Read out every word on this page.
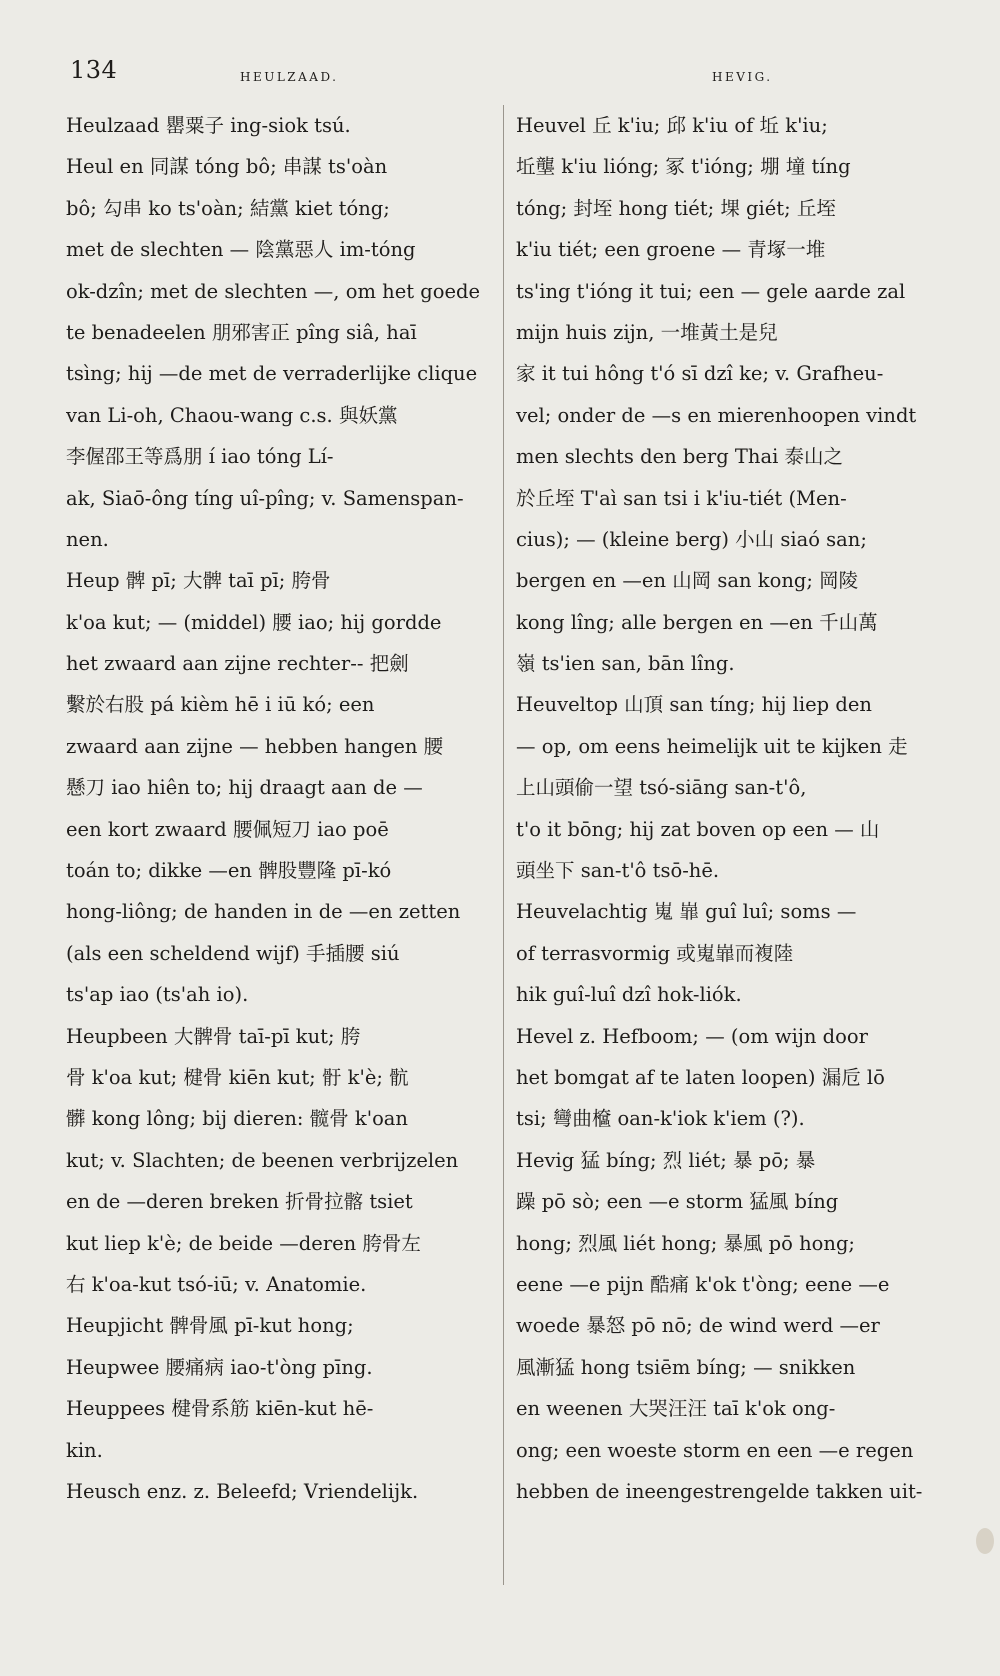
134	HEULZAAD.	HEVIG.
Heulzaad 罌粟子 ing-siok tsú.
Heul en 同謀 tóng bô; 串謀 ts'oàn
bô; 勾串 ko ts'oàn; 結黨 kiet tóng;
met de slechten — 陰黨惡人 im-tóng
ok-dzîn; met de slechten —, om het goede
te benadeelen 朋邪害正 pîng siâ, haī
tsìng; hij —de met de verraderlijke clique
van Li-oh, Chaou-wang c.s. 與妖黨
李偓邵王等爲朋 í iao tóng Lí-
ak, Siaō-ông tíng uî-pîng; v. Samenspan-
nen.
Heup 髀 pī; 大髀 taī pī; 胯骨
k'oa kut; — (middel) 腰 iao; hij gordde
het zwaard aan zijne rechter-- 把劍
繫於右股 pá kièm hē i iū kó; een
zwaard aan zijne — hebben hangen 腰
懸刀 iao hiên to; hij draagt aan de —
een kort zwaard 腰佩短刀 iao poē
toán to; dikke —en 髀股豐隆 pī-kó
hong-liông; de handen in de —en zetten
(als een scheldend wijf) 手插腰 siú
ts'ap iao (ts'ah io).
Heupbeen 大髀骨 taī-pī kut; 胯
骨 k'oa kut; 楗骨 kiēn kut; 骬 k'è; 骯
髒 kong lông; bij dieren: 髋骨 k'oan
kut; v. Slachten; de beenen verbrijzelen
en de —deren breken 折骨拉髂 tsiet
kut liep k'è; de beide —deren 胯骨左
右 k'oa-kut tsó-iū; v. Anatomie.
Heupjicht 髀骨風 pī-kut hong;
Heupwee 腰痛病 iao-t'òng pīng.
Heuppees 楗骨系筋 kiēn-kut hē-
kin.
Heusch enz. z. Beleefd; Vriendelijk.
Heuvel 丘 k'iu; 邱 k'iu of 坵 k'iu;
坵壟 k'iu lióng; 冢 t'ióng; 堋 墥 tíng
tóng; 封垤 hong tiét; 堁 giét; 丘垤
k'iu tiét; een groene — 青塚一堆
ts'ing t'ióng it tui; een — gele aarde zal
mijn huis zijn, 一堆黃土是兒
家 it tui hông t'ó sī dzî ke; v. Grafheu-
vel; onder de —s en mierenhoopen vindt
men slechts den berg Thai 泰山之
於丘垤 T'aì san tsi i k'iu-tiét (Men-
cius); — (kleine berg) 小山 siaó san;
bergen en —en 山岡 san kong; 岡陵
kong lîng; alle bergen en —en 千山萬
嶺 ts'ien san, bān lîng.
Heuveltop 山頂 san tíng; hij liep den
— op, om eens heimelijk uit te kijken 走
上山頭偷一望 tsó-siāng san-t'ô,
t'o it bōng; hij zat boven op een — 山
頭坐下 san-t'ô tsō-hē.
Heuvelachtig 嵬 㠑 guî luî; soms —
of terrasvormig 或嵬㠑而複陸
hik guî-luî dzî hok-liók.
Hevel z. Hefboom; — (om wijn door
het bomgat af te laten loopen) 漏卮 lō
tsi; 彎曲檶 oan-k'iok k'iem (?).
Hevig 猛 bíng; 烈 liét; 暴 pō; 暴
躁 pō sò; een —e storm 猛風 bíng
hong; 烈風 liét hong; 暴風 pō hong;
eene —e pijn 酷痛 k'ok t'òng; eene —e
woede 暴怒 pō nō; de wind werd —er
風漸猛 hong tsiēm bíng; — snikken
en weenen 大哭汪汪 taī k'ok ong-
ong; een woeste storm en een —e regen
hebben de ineengestrengelde takken uit-
